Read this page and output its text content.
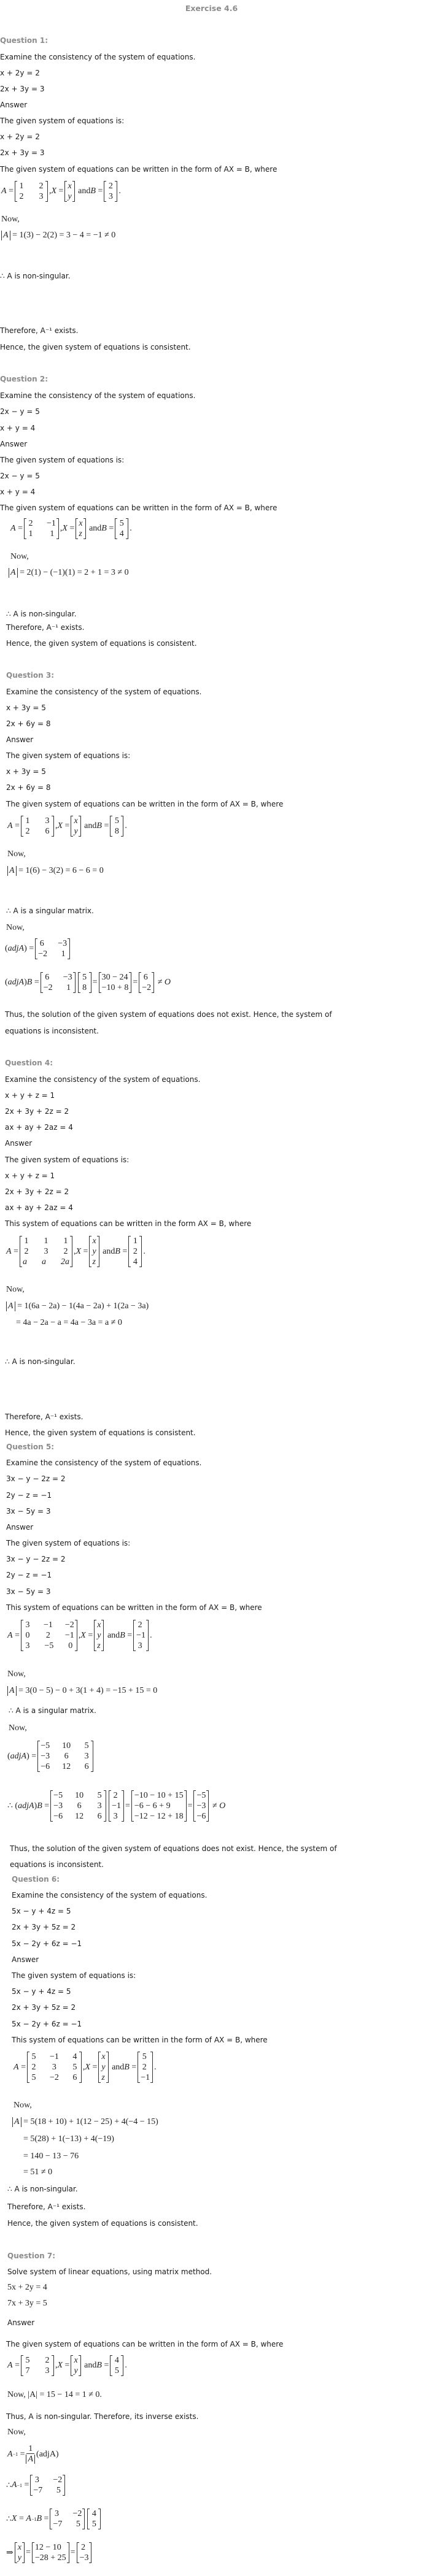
Exercise 4.6
Question 1:
Examine the consistency of the system of equations.
x + 2y = 2
2x + 3y = 3
Answer
The given system of equations is:
x + 2y = 2
2x + 3y = 3
The given system of equations can be written in the form of AX = B, where
A =
1 2
2 3
, X =
x
y
and B =
2
3
.
Now,
A
= 1(3) − 2(2) = 3 − 4 = −1 ≠ 0
∴ A is non-singular.
Therefore, A⁻¹ exists.
Hence, the given system of equations is consistent.
Question 2:
Examine the consistency of the system of equations.
2x − y = 5
x + y = 4
Answer
The given system of equations is:
2x − y = 5
x + y = 4
The given system of equations can be written in the form of AX = B, where
A =
2 −1
1 1
, X =
x
z
and B =
5
4
.
Now,
A
= 2(1) − (−1)(1) = 2 + 1 = 3 ≠ 0
∴ A is non-singular.
Therefore, A⁻¹ exists.
Hence, the given system of equations is consistent.
Question 3:
Examine the consistency of the system of equations.
x + 3y = 5
2x + 6y = 8
Answer
The given system of equations is:
x + 3y = 5
2x + 6y = 8
The given system of equations can be written in the form of AX = B, where
A =
1 3
2 6
, X =
x
y
and B =
5
8
.
Now,
A
= 1(6) − 3(2) = 6 − 6 = 0
∴ A is a singular matrix.
Now,
( adjA ) =
6 −3
−2 1
( adjA ) B =
6 −3
−2 1
5
8
=
30 − 24
−10 + 8
=
6
−2

≠ O
Thus, the solution of the given system of equations does not exist. Hence, the system of
equations is inconsistent.
Question 4:
Examine the consistency of the system of equations.
x + y + z = 1
2x + 3y + 2z = 2
ax + ay + 2az = 4
Answer
The given system of equations is:
x + y + z = 1
2x + 3y + 2z = 2
ax + ay + 2az = 4
This system of equations can be written in the form AX = B, where
A =
1 1 1
2 3 2
a a 2a
, X =
x
y
z
and B =
1
2
4
.
Now,
A
= 1(6a − 2a) − 1(4a − 2a) + 1(2a − 3a)
= 4a − 2a − a = 4a − 3a = a ≠ 0
∴ A is non-singular.
Therefore, A⁻¹ exists.
Hence, the given system of equations is consistent.
Question 5:
Examine the consistency of the system of equations.
3x − y − 2z = 2
2y − z = −1
3x − 5y = 3
Answer
The given system of equations is:
3x − y − 2z = 2
2y − z = −1
3x − 5y = 3
This system of equations can be written in the form of AX = B, where
A =
3 −1 −2
0 2 −1
3 −5 0
, X =
x
y
z
and B =
2
−1
3
.
Now,
A
= 3(0 − 5) − 0 + 3(1 + 4) = −15 + 15 = 0
∴ A is a singular matrix.
Now,
( adjA ) =
−5 10 5
−3 6 3
−6 12 6
∴ ( adjA ) B =
−5 10 5
−3 6 3
−6 12 6
2
−1
3
=
−10 − 10 + 15
−6 − 6 + 9
−12 − 12 + 18
=
−5
−3
−6

≠ O
Thus, the solution of the given system of equations does not exist. Hence, the system of
equations is inconsistent.
Question 6:
Examine the consistency of the system of equations.
5x − y + 4z = 5
2x + 3y + 5z = 2
5x − 2y + 6z = −1
Answer
The given system of equations is:
5x − y + 4z = 5
2x + 3y + 5z = 2
5x − 2y + 6z = −1
This system of equations can be written in the form of AX = B, where
A =
5 −1 4
2 3 5
5 −2 6
, X =
x
y
z
and B =
5
2
−1
.
Now,
A
= 5(18 + 10) + 1(12 − 25) + 4(−4 − 15)
= 5(28) + 1(−13) + 4(−19)
= 140 − 13 − 76
= 51 ≠ 0
∴ A is non-singular.
Therefore, A⁻¹ exists.
Hence, the given system of equations is consistent.
Question 7:
Solve system of linear equations, using matrix method.
5x + 2y = 4
7x + 3y = 5
Answer
The given system of equations can be written in the form of AX = B, where
A =
5 2
7 3
, X =
x
y
and B =
4
5
.
Now, |A| = 15 − 14 = 1 ≠ 0.
Thus, A is non-singular. Therefore, its inverse exists.
Now,
$A -1 = \frac{1}{A}$ (adjA)
∴ A −1 =
3 −2
−7 5
∴ X = A −1 B =
3 −2
−7 5
4
5
⇒
x
y
=
12 − 10
−28 + 25
=
2
−3
